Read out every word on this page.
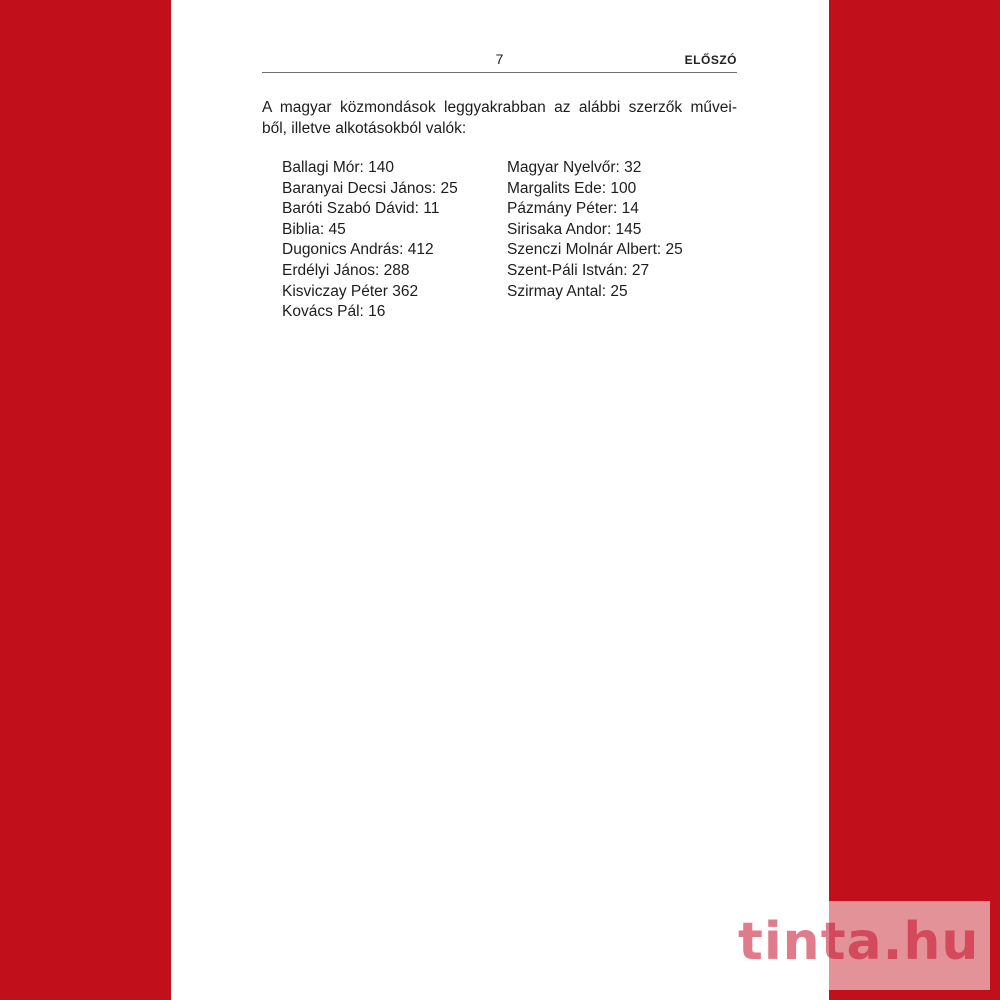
7	ELŐSZÓ
A magyar közmondások leggyakrabban az alábbi szerzők művei-
ből, illetve alkotásokból valók:
Ballagi Mór: 140
Baranyai Decsi János: 25
Baróti Szabó Dávid: 11
Biblia: 45
Dugonics András: 412
Erdélyi János: 288
Kisviczay Péter 362
Kovács Pál: 16
Magyar Nyelvőr: 32
Margalits Ede: 100
Pázmány Péter: 14
Sirisaka Andor: 145
Szenczi Molnár Albert: 25
Szent-Páli István: 27
Szirmay Antal: 25
tinta.hu
